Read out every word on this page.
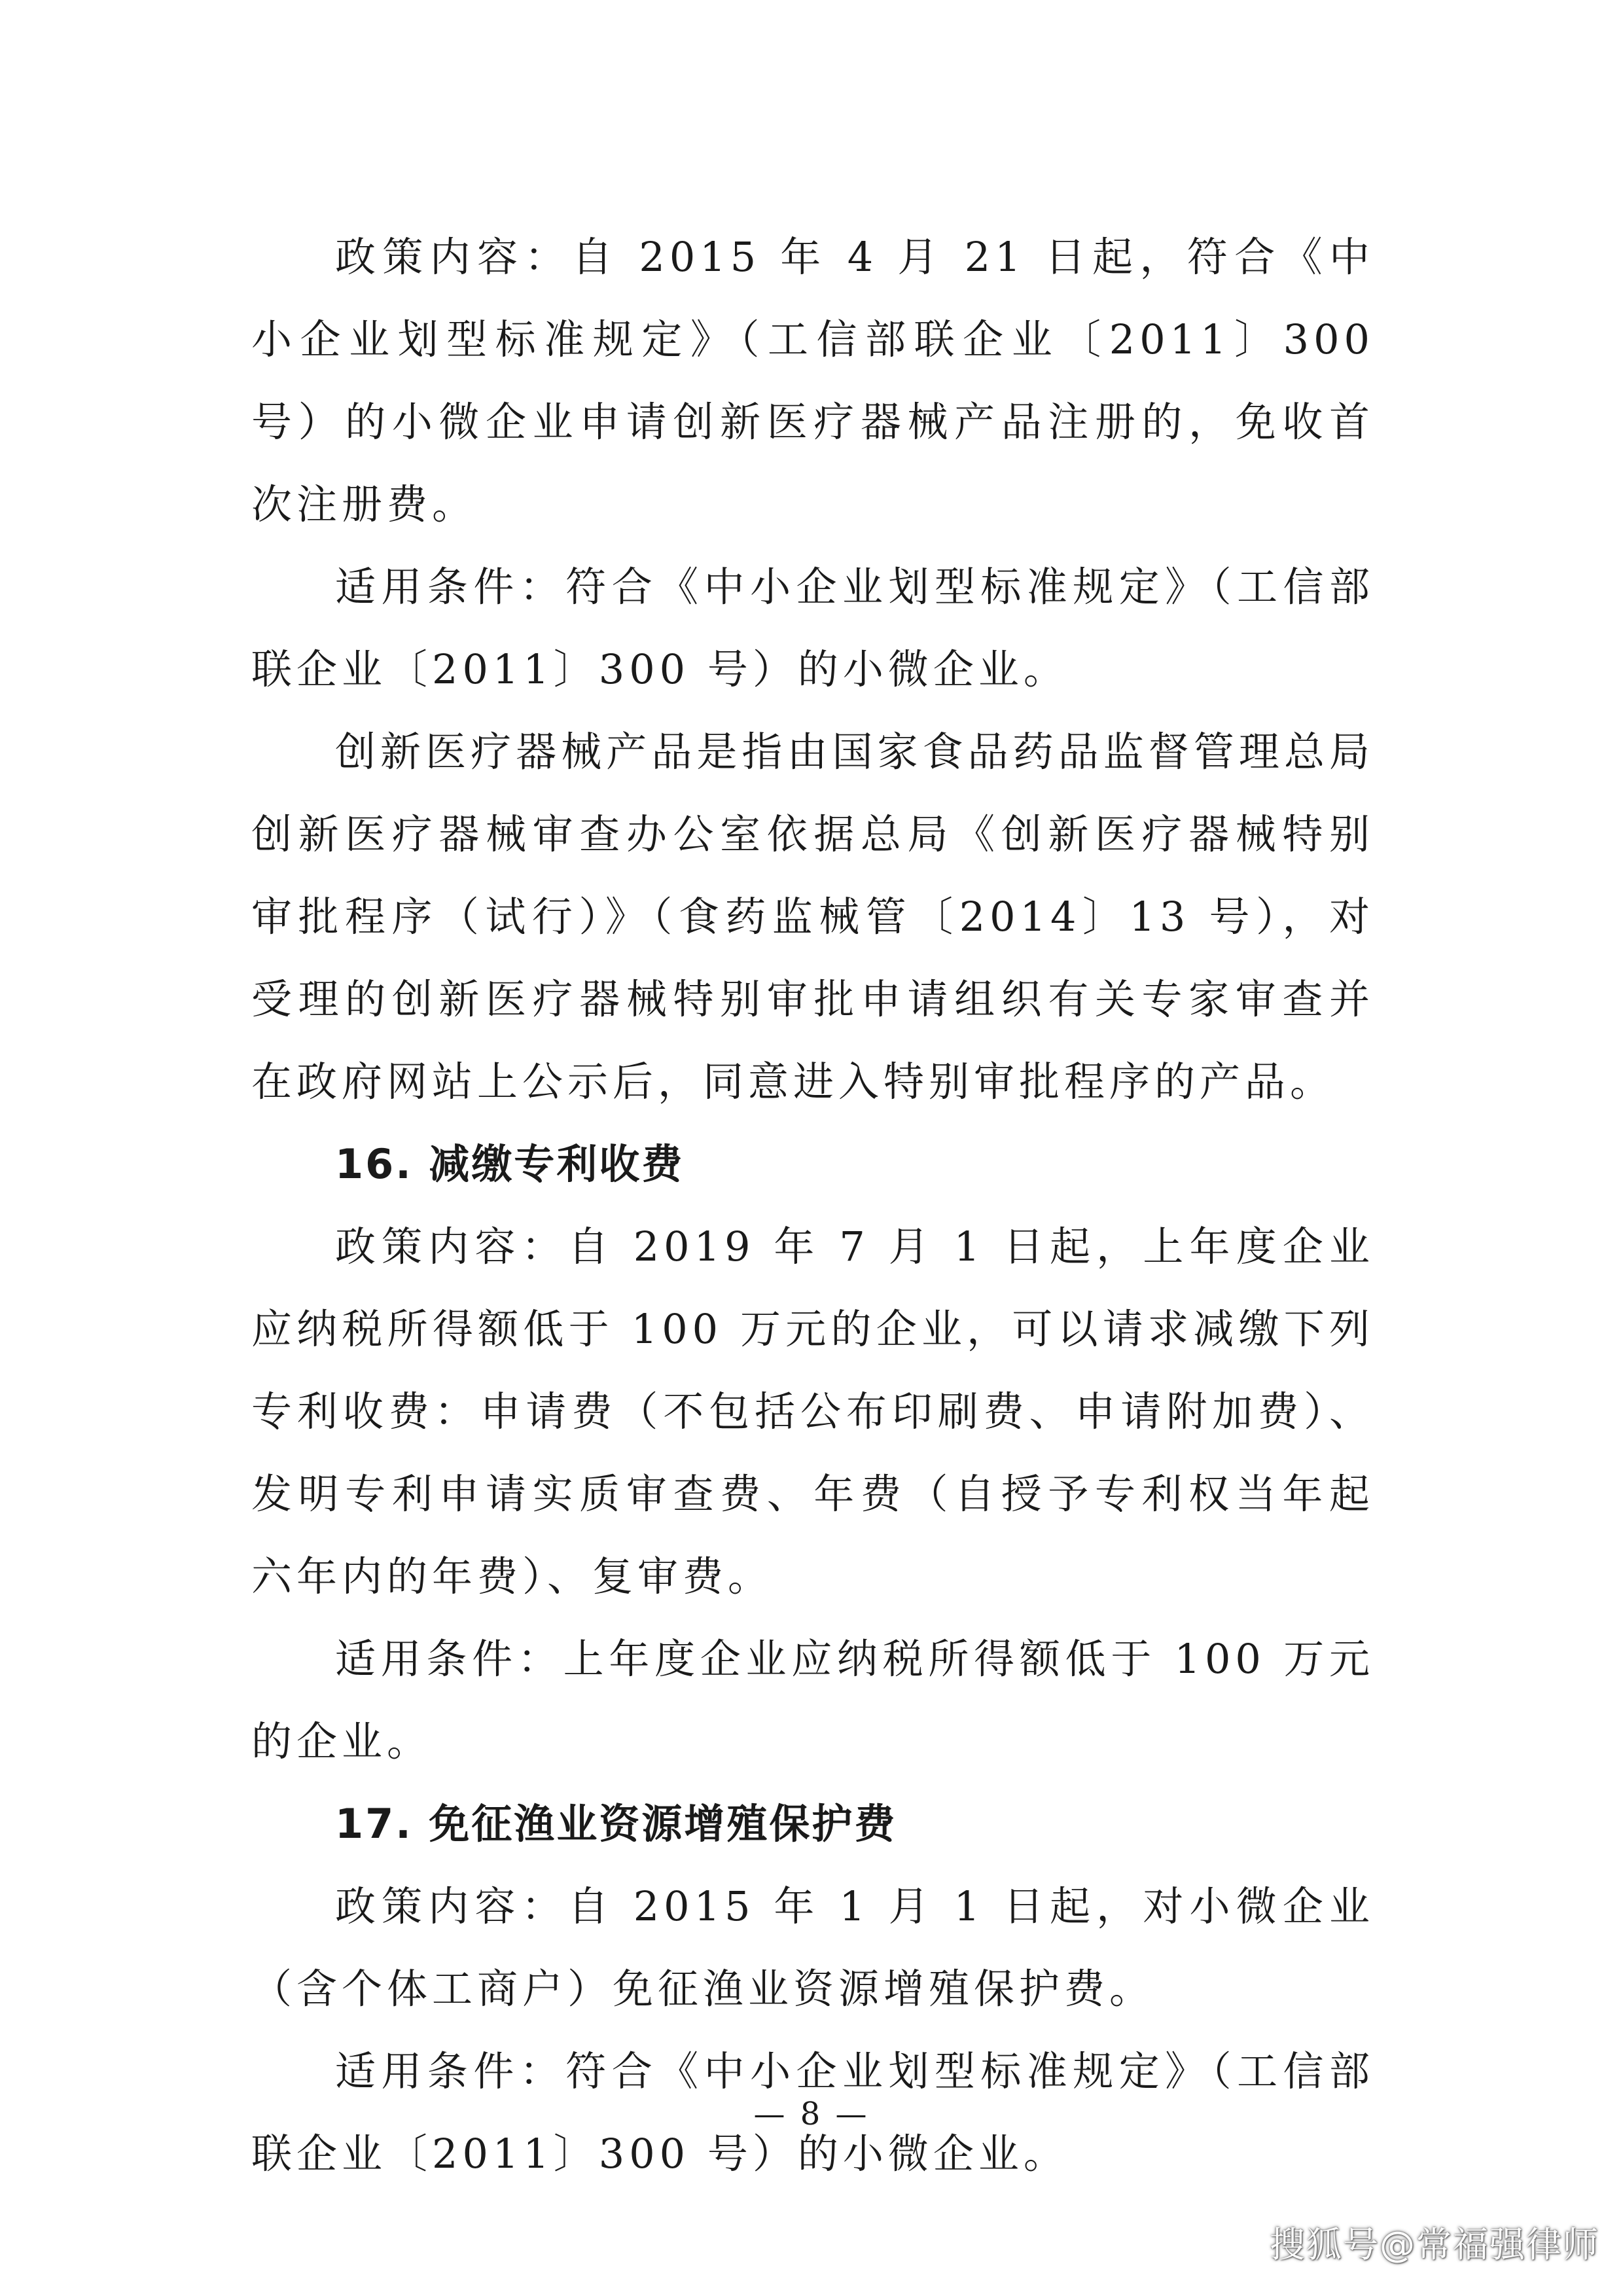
政策内容：自 2015 年 4 月 21 日起，符合《中小企业划型标准规定》（工信部联企业〔2011〕300 号）的小微企业申请创新医疗器械产品注册的，免收首次注册费。

适用条件：符合《中小企业划型标准规定》（工信部联企业〔2011〕300 号）的小微企业。

创新医疗器械产品是指由国家食品药品监督管理总局创新医疗器械审查办公室依据总局《创新医疗器械特别审批程序（试行）》（食药监械管〔2014〕13 号），对受理的创新医疗器械特别审批申请组织有关专家审查并在政府网站上公示后，同意进入特别审批程序的产品。

16. 减缴专利收费

政策内容：自 2019 年 7 月 1 日起，上年度企业应纳税所得额低于 100 万元的企业，可以请求减缴下列专利收费：申请费（不包括公布印刷费、申请附加费）、发明专利申请实质审查费、年费（自授予专利权当年起六年内的年费）、复审费。

适用条件：上年度企业应纳税所得额低于 100 万元的企业。

17. 免征渔业资源增殖保护费

政策内容：自 2015 年 1 月 1 日起，对小微企业（含个体工商户）免征渔业资源增殖保护费。

适用条件：符合《中小企业划型标准规定》（工信部联企业〔2011〕300 号）的小微企业。

— 8 —
搜狐号@常福强律师
